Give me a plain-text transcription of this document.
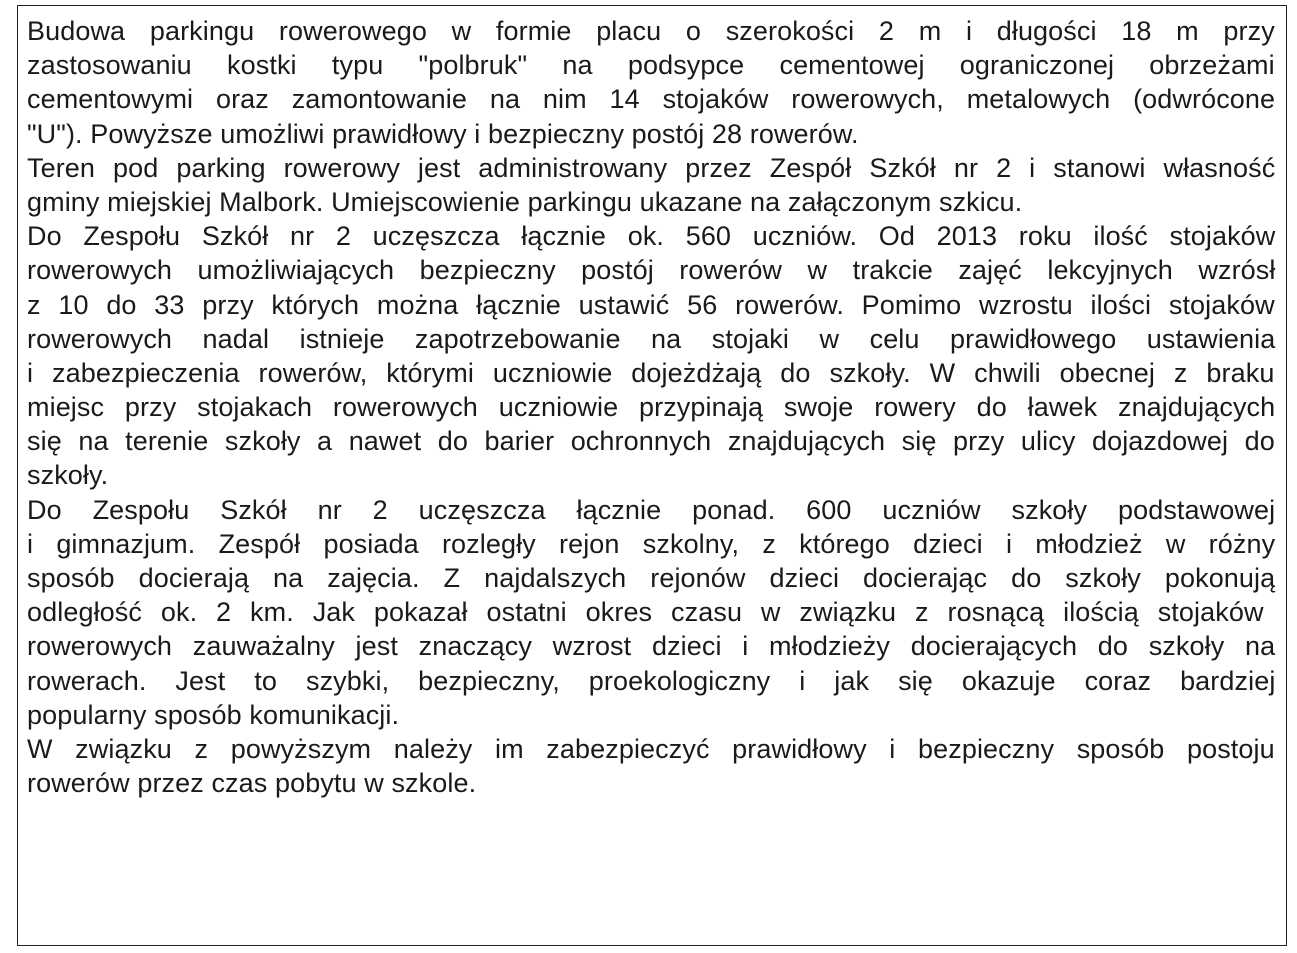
Budowa parkingu rowerowego w formie placu o szerokości 2 m i długości 18 m przy
zastosowaniu kostki typu "polbruk" na podsypce cementowej ograniczonej obrzeżami
cementowymi oraz zamontowanie na nim 14 stojaków rowerowych, metalowych (odwrócone
"U"). Powyższe umożliwi prawidłowy i bezpieczny postój 28 rowerów.
Teren pod parking rowerowy jest administrowany przez Zespół Szkół nr 2 i stanowi własność
gminy miejskiej Malbork. Umiejscowienie parkingu ukazane na załączonym szkicu.
Do Zespołu Szkół nr 2 uczęszcza łącznie ok. 560 uczniów. Od 2013 roku ilość stojaków
rowerowych umożliwiających bezpieczny postój rowerów w trakcie zajęć lekcyjnych wzrósł
z 10 do 33 przy których można łącznie ustawić 56 rowerów. Pomimo wzrostu ilości stojaków
rowerowych nadal istnieje zapotrzebowanie na stojaki w celu prawidłowego ustawienia
i zabezpieczenia rowerów, którymi uczniowie dojeżdżają do szkoły. W chwili obecnej z braku
miejsc przy stojakach rowerowych uczniowie przypinają swoje rowery do ławek znajdujących
się na terenie szkoły a nawet do barier ochronnych znajdujących się przy ulicy dojazdowej do
szkoły.
Do Zespołu Szkół nr 2 uczęszcza łącznie ponad. 600 uczniów szkoły podstawowej
i gimnazjum. Zespół posiada rozległy rejon szkolny, z którego dzieci i młodzież w różny
sposób docierają na zajęcia. Z najdalszych rejonów dzieci docierając do szkoły pokonują
odległość ok. 2 km. Jak pokazał ostatni okres czasu w związku z rosnącą ilością stojaków
rowerowych zauważalny jest znaczący wzrost dzieci i młodzieży docierających do szkoły na
rowerach. Jest to szybki, bezpieczny, proekologiczny i jak się okazuje coraz bardziej
popularny sposób komunikacji.
W związku z powyższym należy im zabezpieczyć prawidłowy i bezpieczny sposób postoju
rowerów przez czas pobytu w szkole.
